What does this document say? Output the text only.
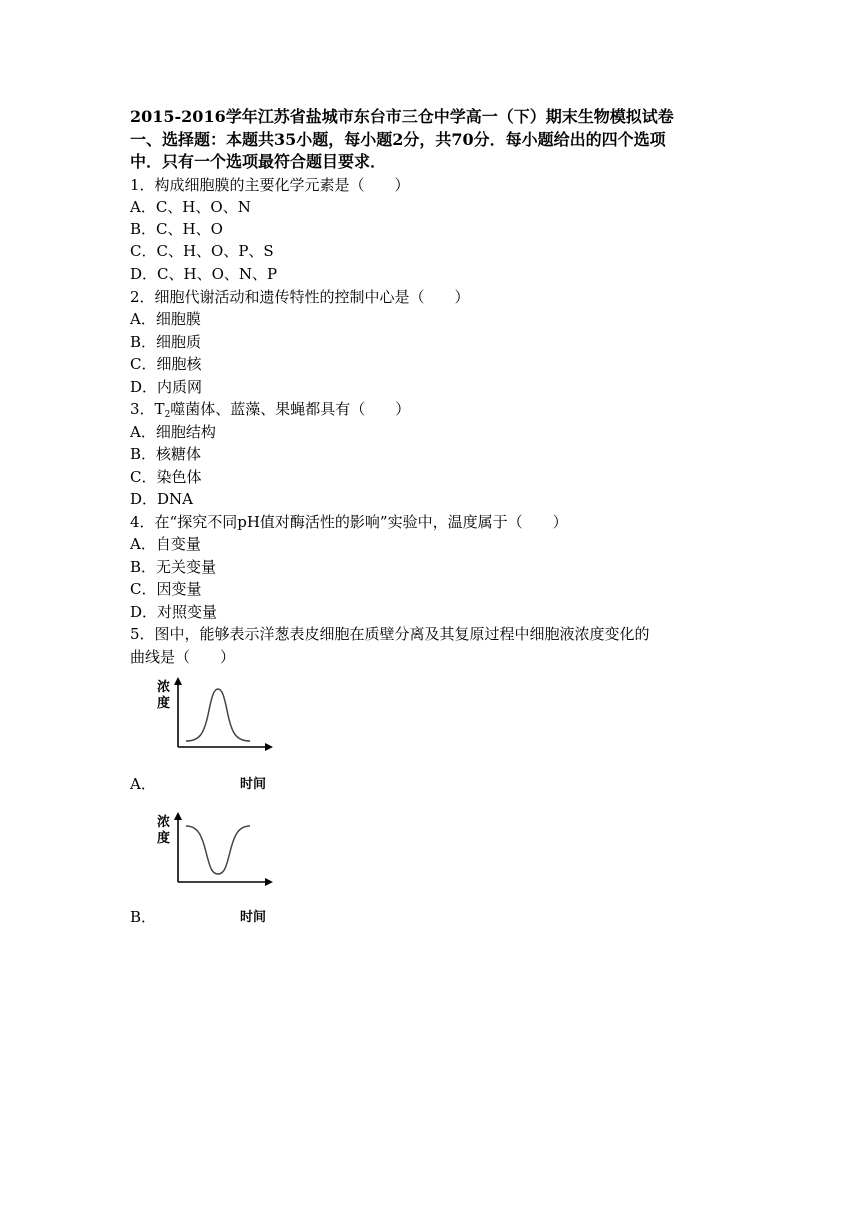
2015-2016学年江苏省盐城市东台市三仓中学高一（下）期末生物模拟试卷
一、选择题：本题共35小题，每小题2分，共70分．每小题给出的四个选项
中．只有一个选项最符合题目要求．
1．构成细胞膜的主要化学元素是（　　）
A．C、H、O、N
B．C、H、O
C．C、H、O、P、S
D．C、H、O、N、P
2．细胞代谢活动和遗传特性的控制中心是（　　）
A．细胞膜
B．细胞质
C．细胞核
D．内质网
3．$T_2$噬菌体、蓝藻、果蝇都具有（　　）
A．细胞结构
B．核糖体
C．染色体
D．DNA
4．在“探究不同pH值对酶活性的影响”实验中，温度属于（　　）
A．自变量
B．无关变量
C．因变量
D．对照变量
5．图中，能够表示洋葱表皮细胞在质壁分离及其复原过程中细胞液浓度变化的
曲线是（　　）
浓度
A．	时间
浓度
B．	时间
